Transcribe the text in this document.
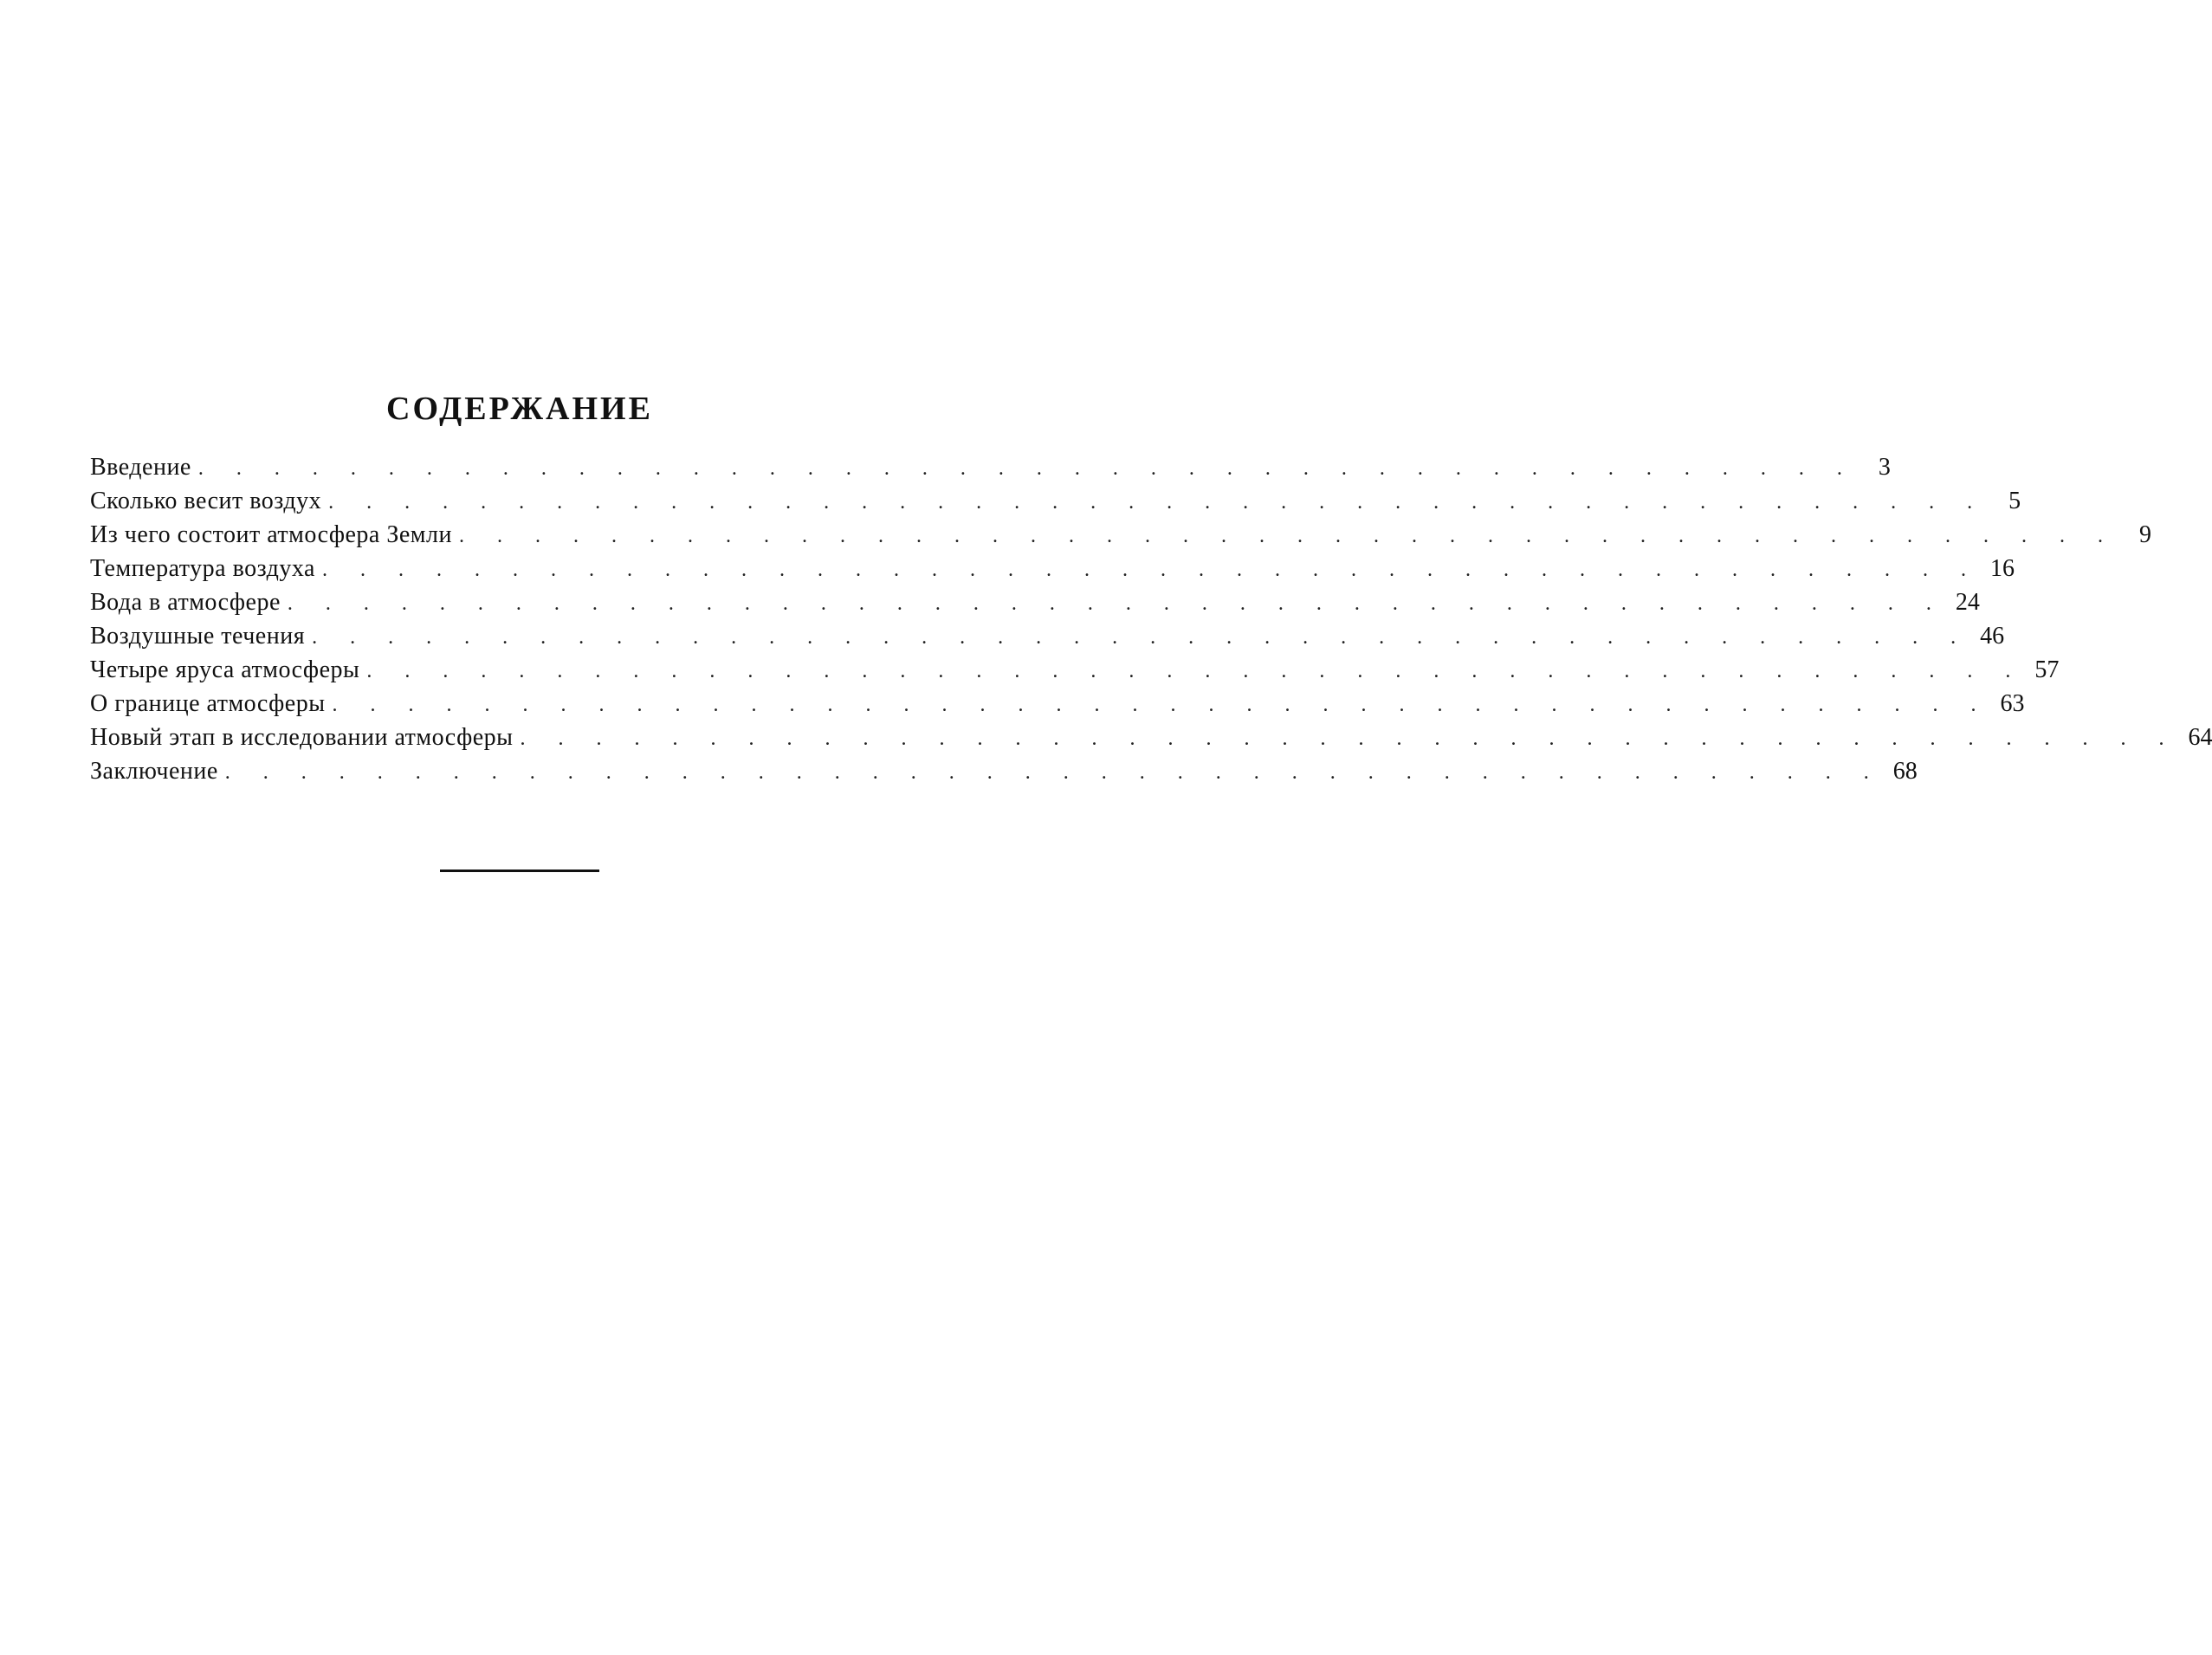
СОДЕРЖАНИЕ
Введение . . . . . . . . . . . . . . . . . . . . . . . . . . . . . . . . . . . . . . . . . . . . 3
Сколько весит воздух . . . . . . . . . . . . . . . . . . . . . . . . . . . . . . . . . . . . . . . . . . . . 5
Из чего состоит атмосфера Земли . . . . . . . . . . . . . . . . . . . . . . . . . . . . . . . . . . . . . . . . . . . . 9
Температура воздуха . . . . . . . . . . . . . . . . . . . . . . . . . . . . . . . . . . . . . . . . . . . . 16
Вода в атмосфере . . . . . . . . . . . . . . . . . . . . . . . . . . . . . . . . . . . . . . . . . . . . 24
Воздушные течения . . . . . . . . . . . . . . . . . . . . . . . . . . . . . . . . . . . . . . . . . . . . 46
Четыре яруса атмосферы . . . . . . . . . . . . . . . . . . . . . . . . . . . . . . . . . . . . . . . . . . . . 57
О границе атмосферы . . . . . . . . . . . . . . . . . . . . . . . . . . . . . . . . . . . . . . . . . . . . 63
Новый этап в исследовании атмосферы . . . . . . . . . . . . . . . . . . . . . . . . . . . . . . . . . . . . . . . . . . . . 64
Заключение . . . . . . . . . . . . . . . . . . . . . . . . . . . . . . . . . . . . . . . . . . . . 68
